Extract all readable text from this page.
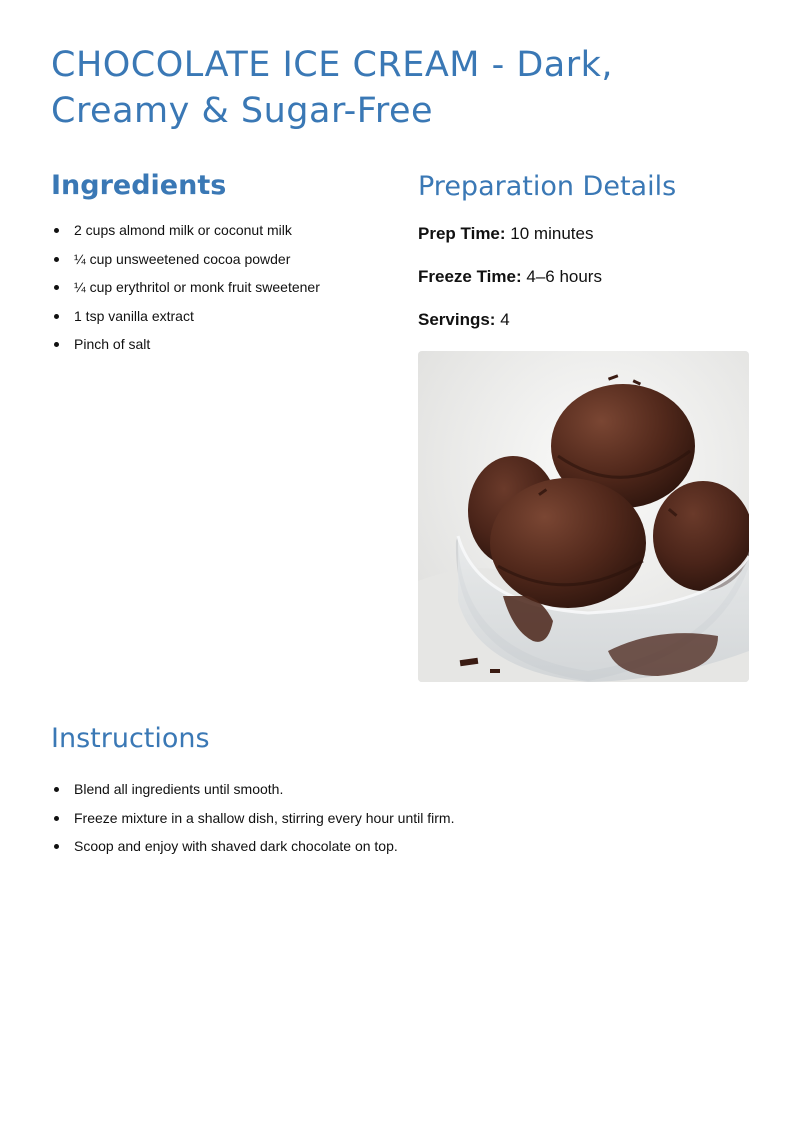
CHOCOLATE ICE CREAM - Dark, Creamy & Sugar-Free
Ingredients
2 cups almond milk or coconut milk
¼ cup unsweetened cocoa powder
¼ cup erythritol or monk fruit sweetener
1 tsp vanilla extract
Pinch of salt
Preparation Details
Prep Time: 10 minutes
Freeze Time: 4–6 hours
Servings: 4
Instructions
Blend all ingredients until smooth.
Freeze mixture in a shallow dish, stirring every hour until firm.
Scoop and enjoy with shaved dark chocolate on top.
